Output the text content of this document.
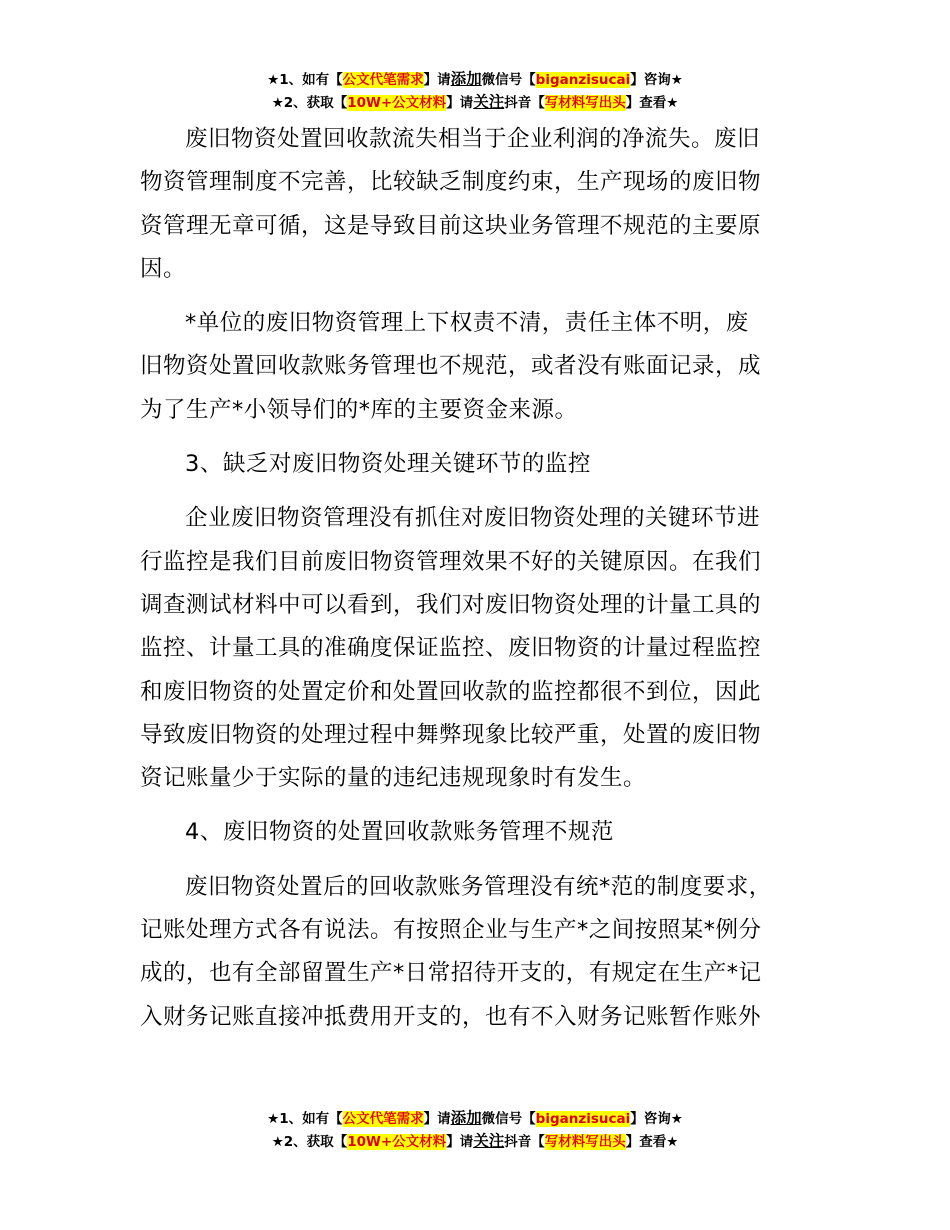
★1、如有【公文代笔需求】请添加微信号【biganzisucai】咨询★
★2、获取【10W+公文材料】请关注抖音【写材料写出头】查看★

废旧物资处置回收款流失相当于企业利润的净流失。废旧
物资管理制度不完善，比较缺乏制度约束，生产现场的废旧物
资管理无章可循，这是导致目前这块业务管理不规范的主要原
因。

*单位的废旧物资管理上下权责不清，责任主体不明，废
旧物资处置回收款账务管理也不规范，或者没有账面记录，成
为了生产*小领导们的*库的主要资金来源。

3、缺乏对废旧物资处理关键环节的监控

企业废旧物资管理没有抓住对废旧物资处理的关键环节进
行监控是我们目前废旧物资管理效果不好的关键原因。在我们
调查测试材料中可以看到，我们对废旧物资处理的计量工具的
监控、计量工具的准确度保证监控、废旧物资的计量过程监控
和废旧物资的处置定价和处置回收款的监控都很不到位，因此
导致废旧物资的处理过程中舞弊现象比较严重，处置的废旧物
资记账量少于实际的量的违纪违规现象时有发生。

4、废旧物资的处置回收款账务管理不规范

废旧物资处置后的回收款账务管理没有统*范的制度要求，
记账处理方式各有说法。有按照企业与生产*之间按照某*例分
成的，也有全部留置生产*日常招待开支的，有规定在生产*记
入财务记账直接冲抵费用开支的，也有不入财务记账暂作账外

★1、如有【公文代笔需求】请添加微信号【biganzisucai】咨询★
★2、获取【10W+公文材料】请关注抖音【写材料写出头】查看★
